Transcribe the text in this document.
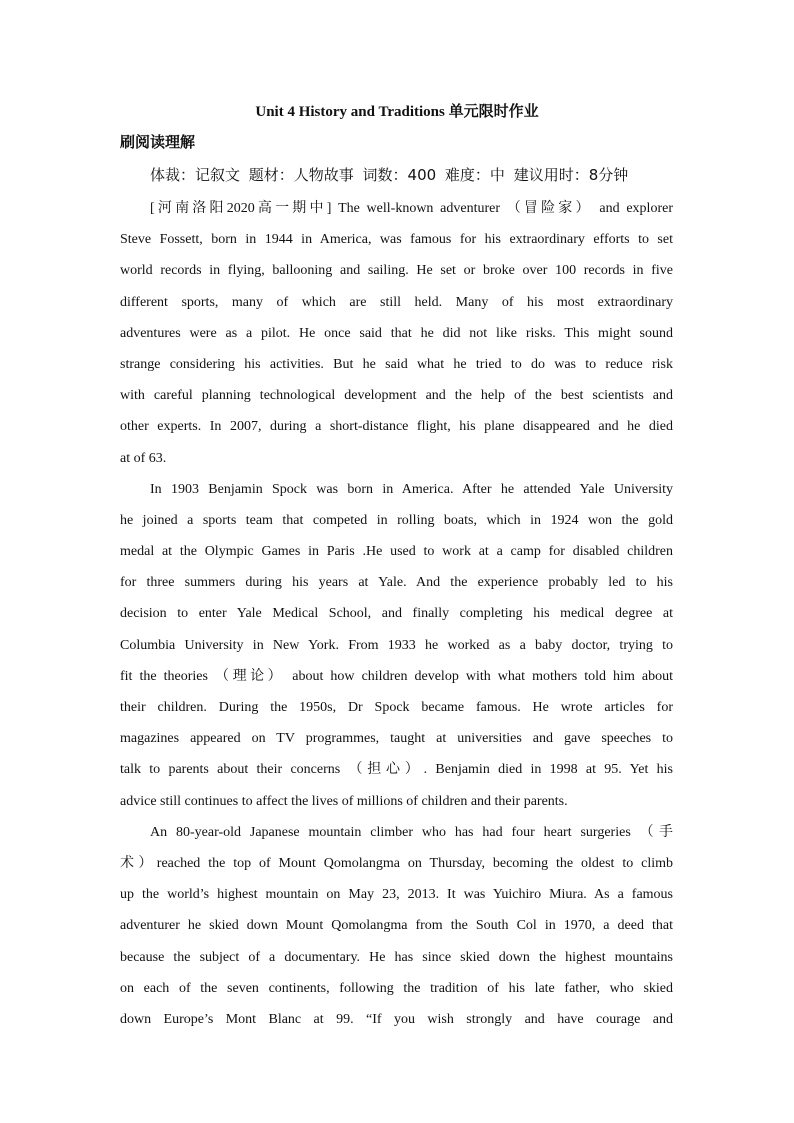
Unit 4 History and Traditions 单元限时作业
刷阅读理解
体裁：记叙文 题材：人物故事 词数：400 难度：中 建议用时：8分钟
[河南洛阳2020高一期中] The well-known adventurer （冒险家） and explorer
Steve Fossett, born in 1944 in America, was famous for his extraordinary efforts to set
world records in flying, ballooning and sailing. He set or broke over 100 records in five
different sports, many of which are still held. Many of his most extraordinary
adventures were as a pilot. He once said that he did not like risks. This might sound
strange considering his activities. But he said what he tried to do was to reduce risk
with careful planning technological development and the help of the best scientists and
other experts. In 2007, during a short-distance flight, his plane disappeared and he died
at of 63.
In 1903 Benjamin Spock was born in America. After he attended Yale University
he joined a sports team that competed in rolling boats, which in 1924 won the gold
medal at the Olympic Games in Paris .He used to work at a camp for disabled children
for three summers during his years at Yale. And the experience probably led to his
decision to enter Yale Medical School, and finally completing his medical degree at
Columbia University in New York. From 1933 he worked as a baby doctor, trying to
fit the theories （理论） about how children develop with what mothers told him about
their children. During the 1950s, Dr Spock became famous. He wrote articles for
magazines appeared on TV programmes, taught at universities and gave speeches to
talk to parents about their concerns （担心）. Benjamin died in 1998 at 95. Yet his
advice still continues to affect the lives of millions of children and their parents.
An 80-year-old Japanese mountain climber who has had four heart surgeries （手
术）reached the top of Mount Qomolangma on Thursday, becoming the oldest to climb
up the world’s highest mountain on May 23, 2013. It was Yuichiro Miura. As a famous
adventurer he skied down Mount Qomolangma from the South Col in 1970, a deed that
because the subject of a documentary. He has since skied down the highest mountains
on each of the seven continents, following the tradition of his late father, who skied
down Europe’s Mont Blanc at 99. “If you wish strongly and have courage and
